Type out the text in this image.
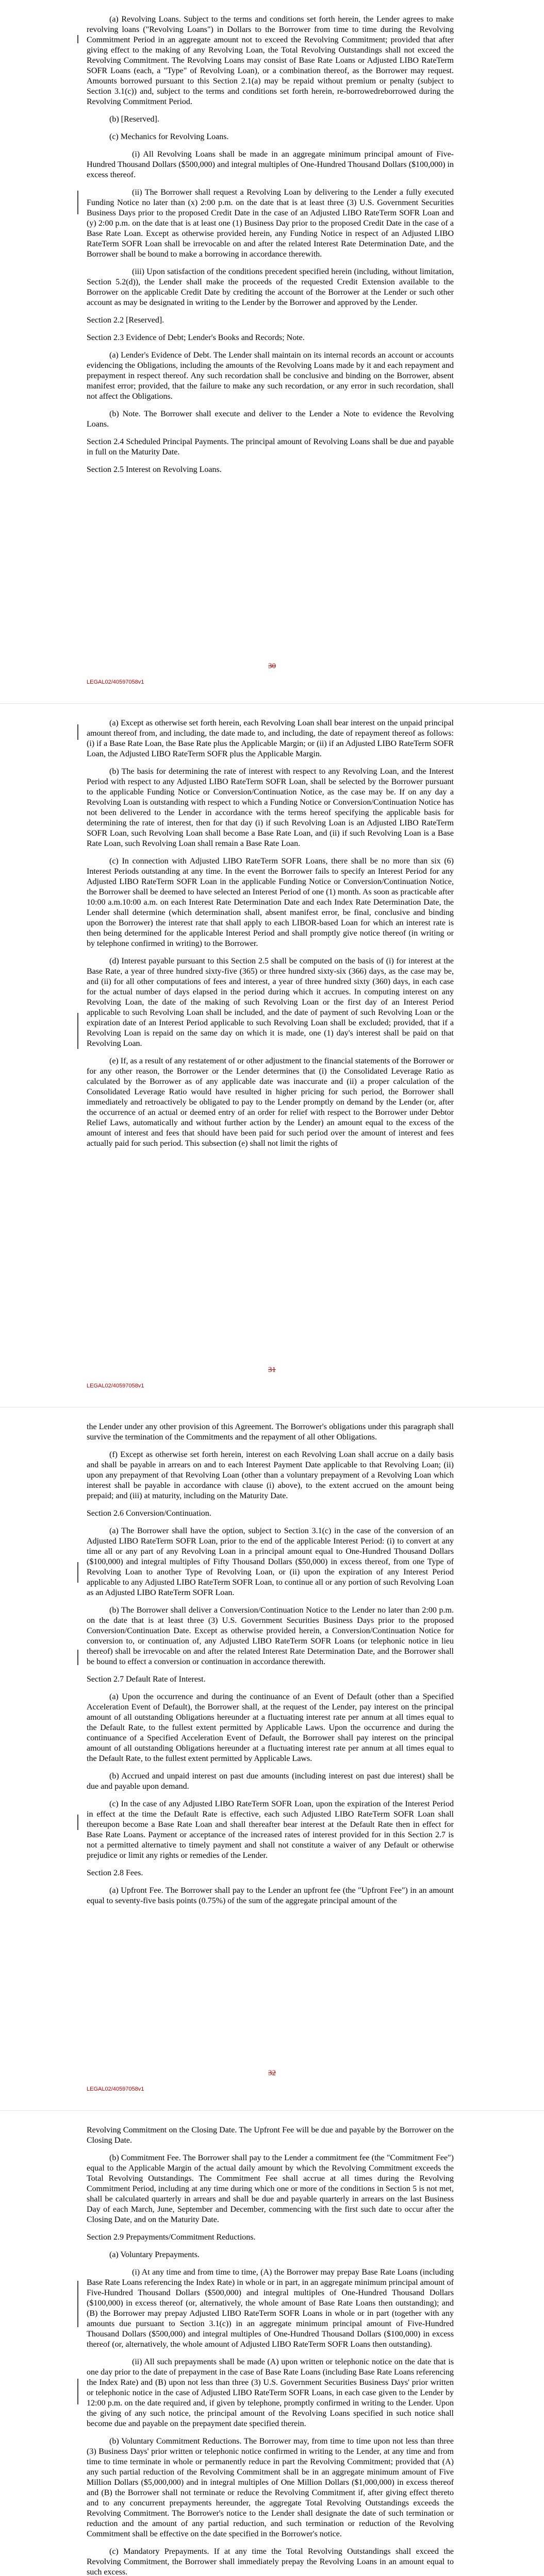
(a) Revolving Loans. Subject to the terms and conditions set forth herein, the Lender agrees to make revolving loans ("Revolving Loans") in Dollars to the Borrower from time to time during the Revolving Commitment Period in an aggregate amount not to exceed the Revolving Commitment; provided that after giving effect to the making of any Revolving Loan, the Total Revolving Outstandings shall not exceed the Revolving Commitment. The Revolving Loans may consist of Base Rate Loans or Adjusted LIBO RateTerm SOFR Loans (each, a "Type" of Revolving Loan), or a combination thereof, as the Borrower may request. Amounts borrowed pursuant to this Section 2.1(a) may be repaid without premium or penalty (subject to Section 3.1(c)) and, subject to the terms and conditions set forth herein, re-borrowedreborrowed during the Revolving Commitment Period.

(b) [Reserved].

(c) Mechanics for Revolving Loans.

(i) All Revolving Loans shall be made in an aggregate minimum principal amount of Five-Hundred Thousand Dollars ($500,000) and integral multiples of One-Hundred Thousand Dollars ($100,000) in excess thereof.

(ii) The Borrower shall request a Revolving Loan by delivering to the Lender a fully executed Funding Notice no later than (x) 2:00 p.m. on the date that is at least three (3) U.S. Government Securities Business Days prior to the proposed Credit Date in the case of an Adjusted LIBO RateTerm SOFR Loan and (y) 2:00 p.m. on the date that is at least one (1) Business Day prior to the proposed Credit Date in the case of a Base Rate Loan. Except as otherwise provided herein, any Funding Notice in respect of an Adjusted LIBO RateTerm SOFR Loan shall be irrevocable on and after the related Interest Rate Determination Date, and the Borrower shall be bound to make a borrowing in accordance therewith.

(iii) Upon satisfaction of the conditions precedent specified herein (including, without limitation, Section 5.2(d)), the Lender shall make the proceeds of the requested Credit Extension available to the Borrower on the applicable Credit Date by crediting the account of the Borrower at the Lender or such other account as may be designated in writing to the Lender by the Borrower and approved by the Lender.

Section 2.2 [Reserved].

Section 2.3 Evidence of Debt; Lender's Books and Records; Note.

(a) Lender's Evidence of Debt. The Lender shall maintain on its internal records an account or accounts evidencing the Obligations, including the amounts of the Revolving Loans made by it and each repayment and prepayment in respect thereof. Any such recordation shall be conclusive and binding on the Borrower, absent manifest error; provided, that the failure to make any such recordation, or any error in such recordation, shall not affect the Obligations.

(b) Note. The Borrower shall execute and deliver to the Lender a Note to evidence the Revolving Loans.

Section 2.4 Scheduled Principal Payments. The principal amount of Revolving Loans shall be due and payable in full on the Maturity Date.

Section 2.5 Interest on Revolving Loans.

30
LEGAL02/40597058v1

(a) Except as otherwise set forth herein, each Revolving Loan shall bear interest on the unpaid principal amount thereof from, and including, the date made to, and including, the date of repayment thereof as follows: (i) if a Base Rate Loan, the Base Rate plus the Applicable Margin; or (ii) if an Adjusted LIBO RateTerm SOFR Loan, the Adjusted LIBO RateTerm SOFR plus the Applicable Margin.

(b) The basis for determining the rate of interest with respect to any Revolving Loan, and the Interest Period with respect to any Adjusted LIBO RateTerm SOFR Loan, shall be selected by the Borrower pursuant to the applicable Funding Notice or Conversion/Continuation Notice, as the case may be. If on any day a Revolving Loan is outstanding with respect to which a Funding Notice or Conversion/Continuation Notice has not been delivered to the Lender in accordance with the terms hereof specifying the applicable basis for determining the rate of interest, then for that day (i) if such Revolving Loan is an Adjusted LIBO RateTerm SOFR Loan, such Revolving Loan shall become a Base Rate Loan, and (ii) if such Revolving Loan is a Base Rate Loan, such Revolving Loan shall remain a Base Rate Loan.

(c) In connection with Adjusted LIBO RateTerm SOFR Loans, there shall be no more than six (6) Interest Periods outstanding at any time. In the event the Borrower fails to specify an Interest Period for any Adjusted LIBO RateTerm SOFR Loan in the applicable Funding Notice or Conversion/Continuation Notice, the Borrower shall be deemed to have selected an Interest Period of one (1) month. As soon as practicable after 10:00 a.m.10:00 a.m. on each Interest Rate Determination Date and each Index Rate Determination Date, the Lender shall determine (which determination shall, absent manifest error, be final, conclusive and binding upon the Borrower) the interest rate that shall apply to each LIBOR-based Loan for which an interest rate is then being determined for the applicable Interest Period and shall promptly give notice thereof (in writing or by telephone confirmed in writing) to the Borrower.

(d) Interest payable pursuant to this Section 2.5 shall be computed on the basis of (i) for interest at the Base Rate, a year of three hundred sixty-five (365) or three hundred sixty-six (366) days, as the case may be, and (ii) for all other computations of fees and interest, a year of three hundred sixty (360) days, in each case for the actual number of days elapsed in the period during which it accrues. In computing interest on any Revolving Loan, the date of the making of such Revolving Loan or the first day of an Interest Period applicable to such Revolving Loan shall be included, and the date of payment of such Revolving Loan or the expiration date of an Interest Period applicable to such Revolving Loan shall be excluded; provided, that if a Revolving Loan is repaid on the same day on which it is made, one (1) day's interest shall be paid on that Revolving Loan.

(e) If, as a result of any restatement of or other adjustment to the financial statements of the Borrower or for any other reason, the Borrower or the Lender determines that (i) the Consolidated Leverage Ratio as calculated by the Borrower as of any applicable date was inaccurate and (ii) a proper calculation of the Consolidated Leverage Ratio would have resulted in higher pricing for such period, the Borrower shall immediately and retroactively be obligated to pay to the Lender promptly on demand by the Lender (or, after the occurrence of an actual or deemed entry of an order for relief with respect to the Borrower under Debtor Relief Laws, automatically and without further action by the Lender) an amount equal to the excess of the amount of interest and fees that should have been paid for such period over the amount of interest and fees actually paid for such period. This subsection (e) shall not limit the rights of

31
LEGAL02/40597058v1

the Lender under any other provision of this Agreement. The Borrower's obligations under this paragraph shall survive the termination of the Commitments and the repayment of all other Obligations.

(f) Except as otherwise set forth herein, interest on each Revolving Loan shall accrue on a daily basis and shall be payable in arrears on and to each Interest Payment Date applicable to that Revolving Loan; (ii) upon any prepayment of that Revolving Loan (other than a voluntary prepayment of a Revolving Loan which interest shall be payable in accordance with clause (i) above), to the extent accrued on the amount being prepaid; and (iii) at maturity, including on the Maturity Date.

Section 2.6 Conversion/Continuation.

(a) The Borrower shall have the option, subject to Section 3.1(c) in the case of the conversion of an Adjusted LIBO RateTerm SOFR Loan, prior to the end of the applicable Interest Period: (i) to convert at any time all or any part of any Revolving Loan in a principal amount equal to One-Hundred Thousand Dollars ($100,000) and integral multiples of Fifty Thousand Dollars ($50,000) in excess thereof, from one Type of Revolving Loan to another Type of Revolving Loan, or (ii) upon the expiration of any Interest Period applicable to any Adjusted LIBO RateTerm SOFR Loan, to continue all or any portion of such Revolving Loan as an Adjusted LIBO RateTerm SOFR Loan.

(b) The Borrower shall deliver a Conversion/Continuation Notice to the Lender no later than 2:00 p.m. on the date that is at least three (3) U.S. Government Securities Business Days prior to the proposed Conversion/Continuation Date. Except as otherwise provided herein, a Conversion/Continuation Notice for conversion to, or continuation of, any Adjusted LIBO RateTerm SOFR Loans (or telephonic notice in lieu thereof) shall be irrevocable on and after the related Interest Rate Determination Date, and the Borrower shall be bound to effect a conversion or continuation in accordance therewith.

Section 2.7 Default Rate of Interest.

(a) Upon the occurrence and during the continuance of an Event of Default (other than a Specified Acceleration Event of Default), the Borrower shall, at the request of the Lender, pay interest on the principal amount of all outstanding Obligations hereunder at a fluctuating interest rate per annum at all times equal to the Default Rate, to the fullest extent permitted by Applicable Laws. Upon the occurrence and during the continuance of a Specified Acceleration Event of Default, the Borrower shall pay interest on the principal amount of all outstanding Obligations hereunder at a fluctuating interest rate per annum at all times equal to the Default Rate, to the fullest extent permitted by Applicable Laws.

(b) Accrued and unpaid interest on past due amounts (including interest on past due interest) shall be due and payable upon demand.

(c) In the case of any Adjusted LIBO RateTerm SOFR Loan, upon the expiration of the Interest Period in effect at the time the Default Rate is effective, each such Adjusted LIBO RateTerm SOFR Loan shall thereupon become a Base Rate Loan and shall thereafter bear interest at the Default Rate then in effect for Base Rate Loans. Payment or acceptance of the increased rates of interest provided for in this Section 2.7 is not a permitted alternative to timely payment and shall not constitute a waiver of any Default or otherwise prejudice or limit any rights or remedies of the Lender.

Section 2.8 Fees.

(a) Upfront Fee. The Borrower shall pay to the Lender an upfront fee (the "Upfront Fee") in an amount equal to seventy-five basis points (0.75%) of the sum of the aggregate principal amount of the

32
LEGAL02/40597058v1

Revolving Commitment on the Closing Date. The Upfront Fee will be due and payable by the Borrower on the Closing Date.

(b) Commitment Fee. The Borrower shall pay to the Lender a commitment fee (the "Commitment Fee") equal to the Applicable Margin of the actual daily amount by which the Revolving Commitment exceeds the Total Revolving Outstandings. The Commitment Fee shall accrue at all times during the Revolving Commitment Period, including at any time during which one or more of the conditions in Section 5 is not met, shall be calculated quarterly in arrears and shall be due and payable quarterly in arrears on the last Business Day of each March, June, September and December, commencing with the first such date to occur after the Closing Date, and on the Maturity Date.

Section 2.9 Prepayments/Commitment Reductions.

(a) Voluntary Prepayments.

(i) At any time and from time to time, (A) the Borrower may prepay Base Rate Loans (including Base Rate Loans referencing the Index Rate) in whole or in part, in an aggregate minimum principal amount of Five-Hundred Thousand Dollars ($500,000) and integral multiples of One-Hundred Thousand Dollars ($100,000) in excess thereof (or, alternatively, the whole amount of Base Rate Loans then outstanding); and (B) the Borrower may prepay Adjusted LIBO RateTerm SOFR Loans in whole or in part (together with any amounts due pursuant to Section 3.1(c)) in an aggregate minimum principal amount of Five-Hundred Thousand Dollars ($500,000) and integral multiples of One-Hundred Thousand Dollars ($100,000) in excess thereof (or, alternatively, the whole amount of Adjusted LIBO RateTerm SOFR Loans then outstanding).

(ii) All such prepayments shall be made (A) upon written or telephonic notice on the date that is one day prior to the date of prepayment in the case of Base Rate Loans (including Base Rate Loans referencing the Index Rate) and (B) upon not less than three (3) U.S. Government Securities Business Days' prior written or telephonic notice in the case of Adjusted LIBO RateTerm SOFR Loans, in each case given to the Lender by 12:00 p.m. on the date required and, if given by telephone, promptly confirmed in writing to the Lender. Upon the giving of any such notice, the principal amount of the Revolving Loans specified in such notice shall become due and payable on the prepayment date specified therein.

(b) Voluntary Commitment Reductions. The Borrower may, from time to time upon not less than three (3) Business Days' prior written or telephonic notice confirmed in writing to the Lender, at any time and from time to time terminate in whole or permanently reduce in part the Revolving Commitment; provided that (A) any such partial reduction of the Revolving Commitment shall be in an aggregate minimum amount of Five Million Dollars ($5,000,000) and in integral multiples of One Million Dollars ($1,000,000) in excess thereof and (B) the Borrower shall not terminate or reduce the Revolving Commitment if, after giving effect thereto and to any concurrent prepayments hereunder, the aggregate Total Revolving Outstandings exceeds the Revolving Commitment. The Borrower's notice to the Lender shall designate the date of such termination or reduction and the amount of any partial reduction, and such termination or reduction of the Revolving Commitment shall be effective on the date specified in the Borrower's notice.

(c) Mandatory Prepayments. If at any time the Total Revolving Outstandings shall exceed the Revolving Commitment, the Borrower shall immediately prepay the Revolving Loans in an amount equal to such excess.
